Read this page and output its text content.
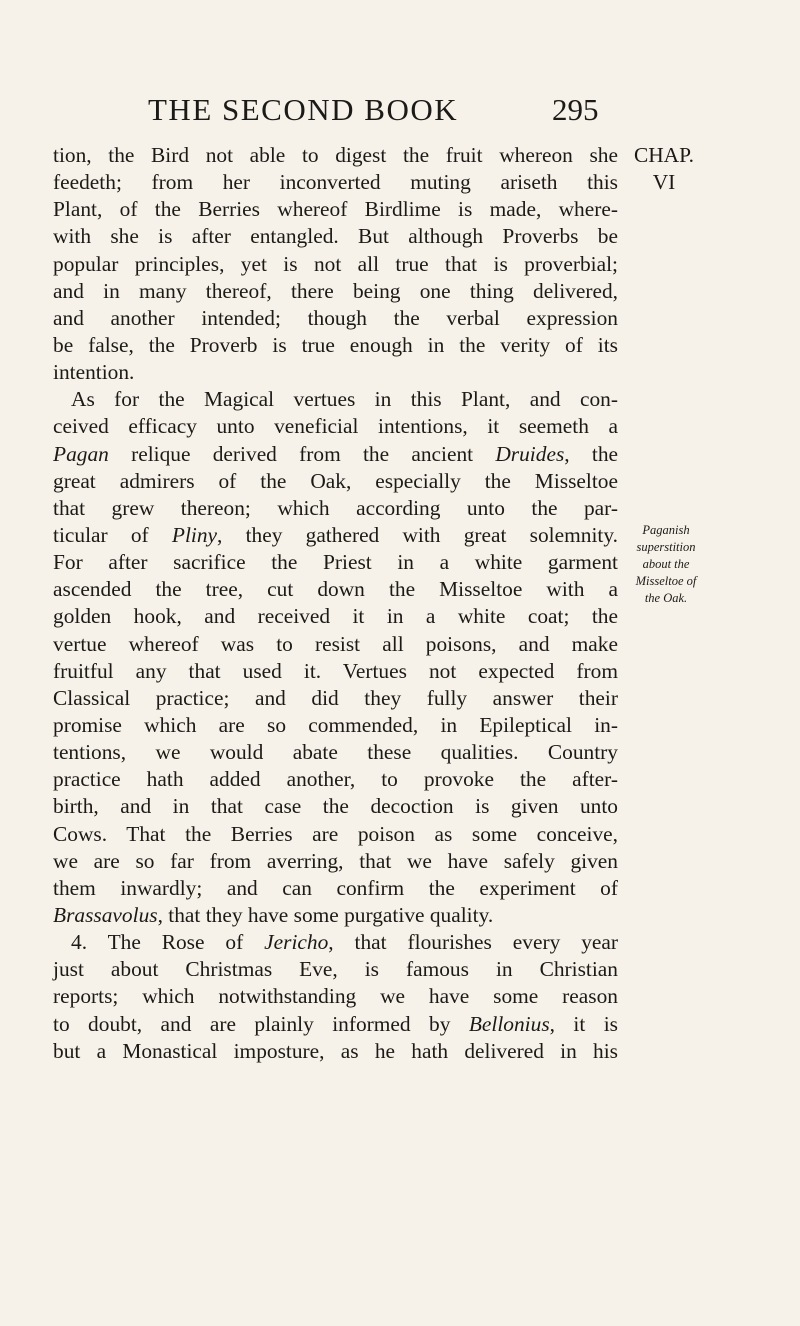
THE SECOND BOOK	295
CHAP.
VI
Paganish
superstition
about the
Misseltoe of
the Oak.
tion, the Bird not able to digest the fruit whereon she
feedeth; from her inconverted muting ariseth this
Plant, of the Berries whereof Birdlime is made, where-
with she is after entangled. But although Proverbs be
popular principles, yet is not all true that is proverbial;
and in many thereof, there being one thing delivered,
and another intended; though the verbal expression
be false, the Proverb is true enough in the verity of its
intention.
As for the Magical vertues in this Plant, and con-
ceived efficacy unto veneficial intentions, it seemeth a
Pagan relique derived from the ancient Druides, the
great admirers of the Oak, especially the Misseltoe
that grew thereon; which according unto the par-
ticular of Pliny, they gathered with great solemnity.
For after sacrifice the Priest in a white garment
ascended the tree, cut down the Misseltoe with a
golden hook, and received it in a white coat; the
vertue whereof was to resist all poisons, and make
fruitful any that used it. Vertues not expected from
Classical practice; and did they fully answer their
promise which are so commended, in Epileptical in-
tentions, we would abate these qualities. Country
practice hath added another, to provoke the after-
birth, and in that case the decoction is given unto
Cows. That the Berries are poison as some conceive,
we are so far from averring, that we have safely given
them inwardly; and can confirm the experiment of
Brassavolus, that they have some purgative quality.
4. The Rose of Jericho, that flourishes every year
just about Christmas Eve, is famous in Christian
reports; which notwithstanding we have some reason
to doubt, and are plainly informed by Bellonius, it is
but a Monastical imposture, as he hath delivered in his
